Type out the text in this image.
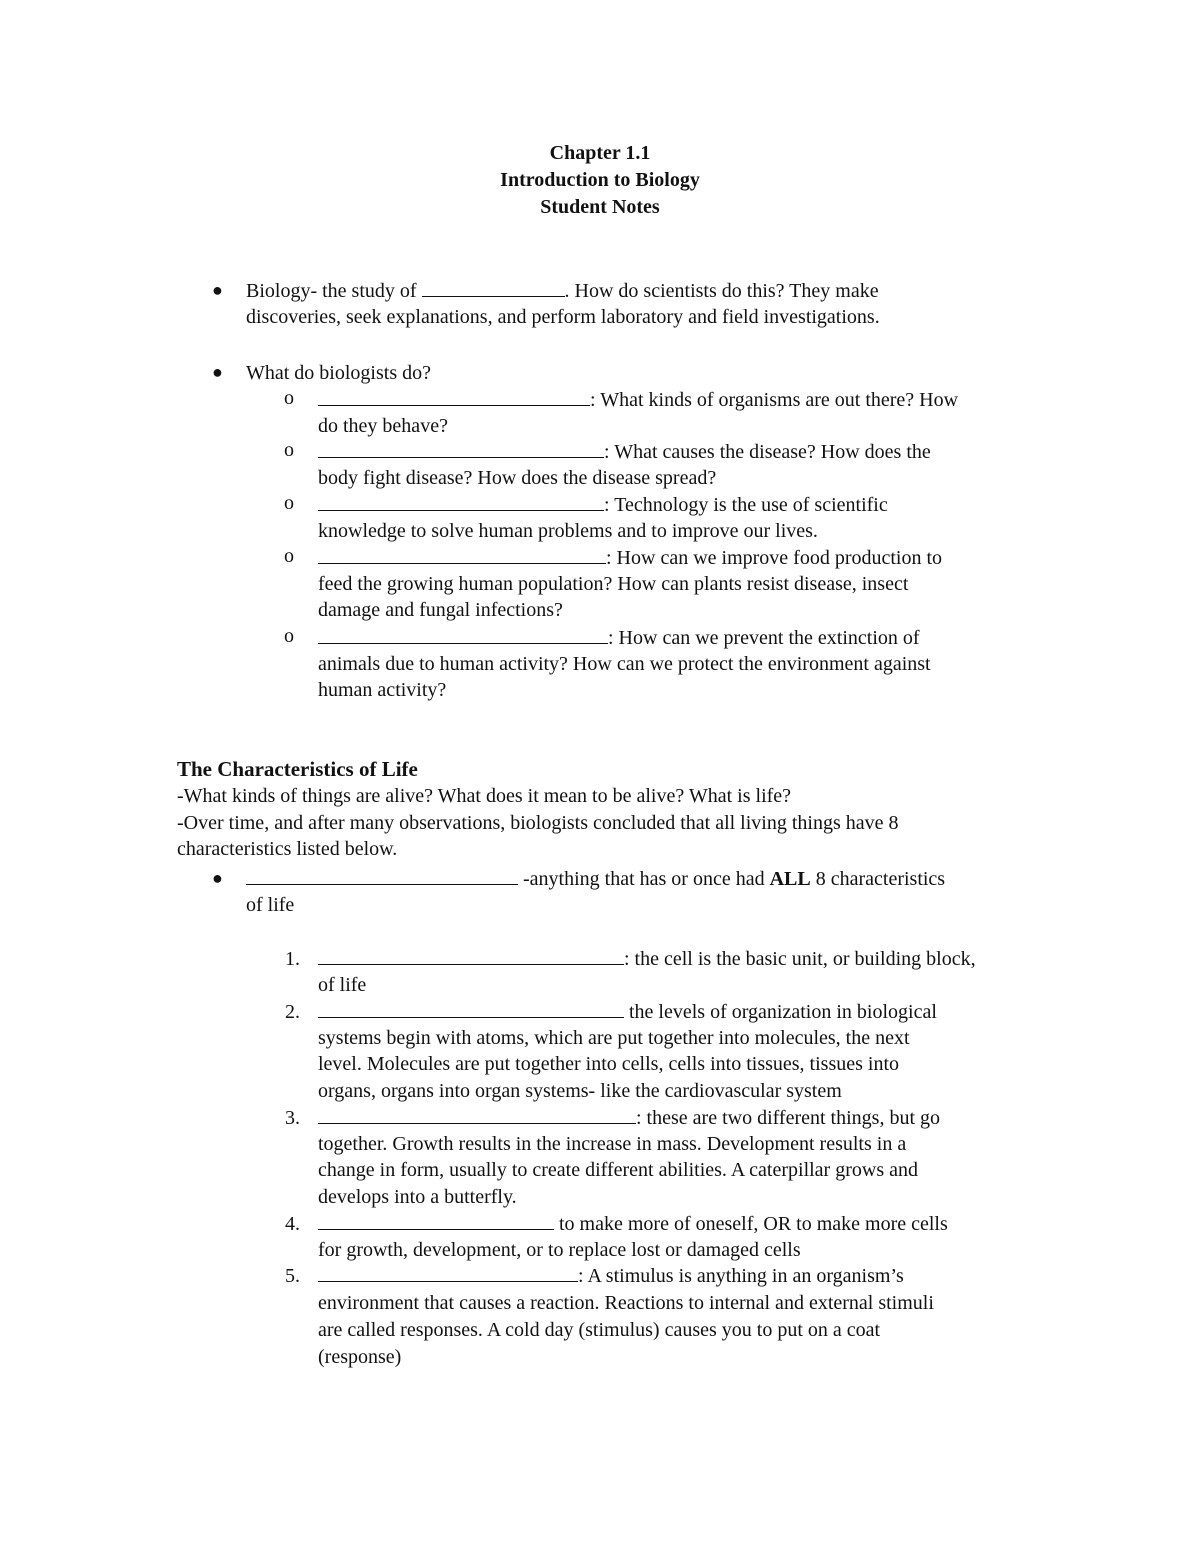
Chapter 1.1
Introduction to Biology
Student Notes
● Biology- the study of	. How do scientists do this? They make
discoveries, seek explanations, and perform laboratory and field investigations.
● What do biologists do?
o	: What kinds of organisms are out there? How
do they behave?
o	: What causes the disease? How does the
body fight disease? How does the disease spread?
o	: Technology is the use of scientific
knowledge to solve human problems and to improve our lives.
o	: How can we improve food production to
feed the growing human population? How can plants resist disease, insect
damage and fungal infections?
o	: How can we prevent the extinction of
animals due to human activity? How can we protect the environment against
human activity?
The Characteristics of Life
-What kinds of things are alive? What does it mean to be alive? What is life?
-Over time, and after many observations, biologists concluded that all living things have 8
characteristics listed below.
●	-anything that has or once had ALL 8 characteristics
of life
1.	: the cell is the basic unit, or building block,
of life
2.	the levels of organization in biological
systems begin with atoms, which are put together into molecules, the next
level. Molecules are put together into cells, cells into tissues, tissues into
organs, organs into organ systems- like the cardiovascular system
3.	: these are two different things, but go
together. Growth results in the increase in mass. Development results in a
change in form, usually to create different abilities. A caterpillar grows and
develops into a butterfly.
4.	to make more of oneself, OR to make more cells
for growth, development, or to replace lost or damaged cells
5.	: A stimulus is anything in an organism’s
environment that causes a reaction. Reactions to internal and external stimuli
are called responses. A cold day (stimulus) causes you to put on a coat
(response)
